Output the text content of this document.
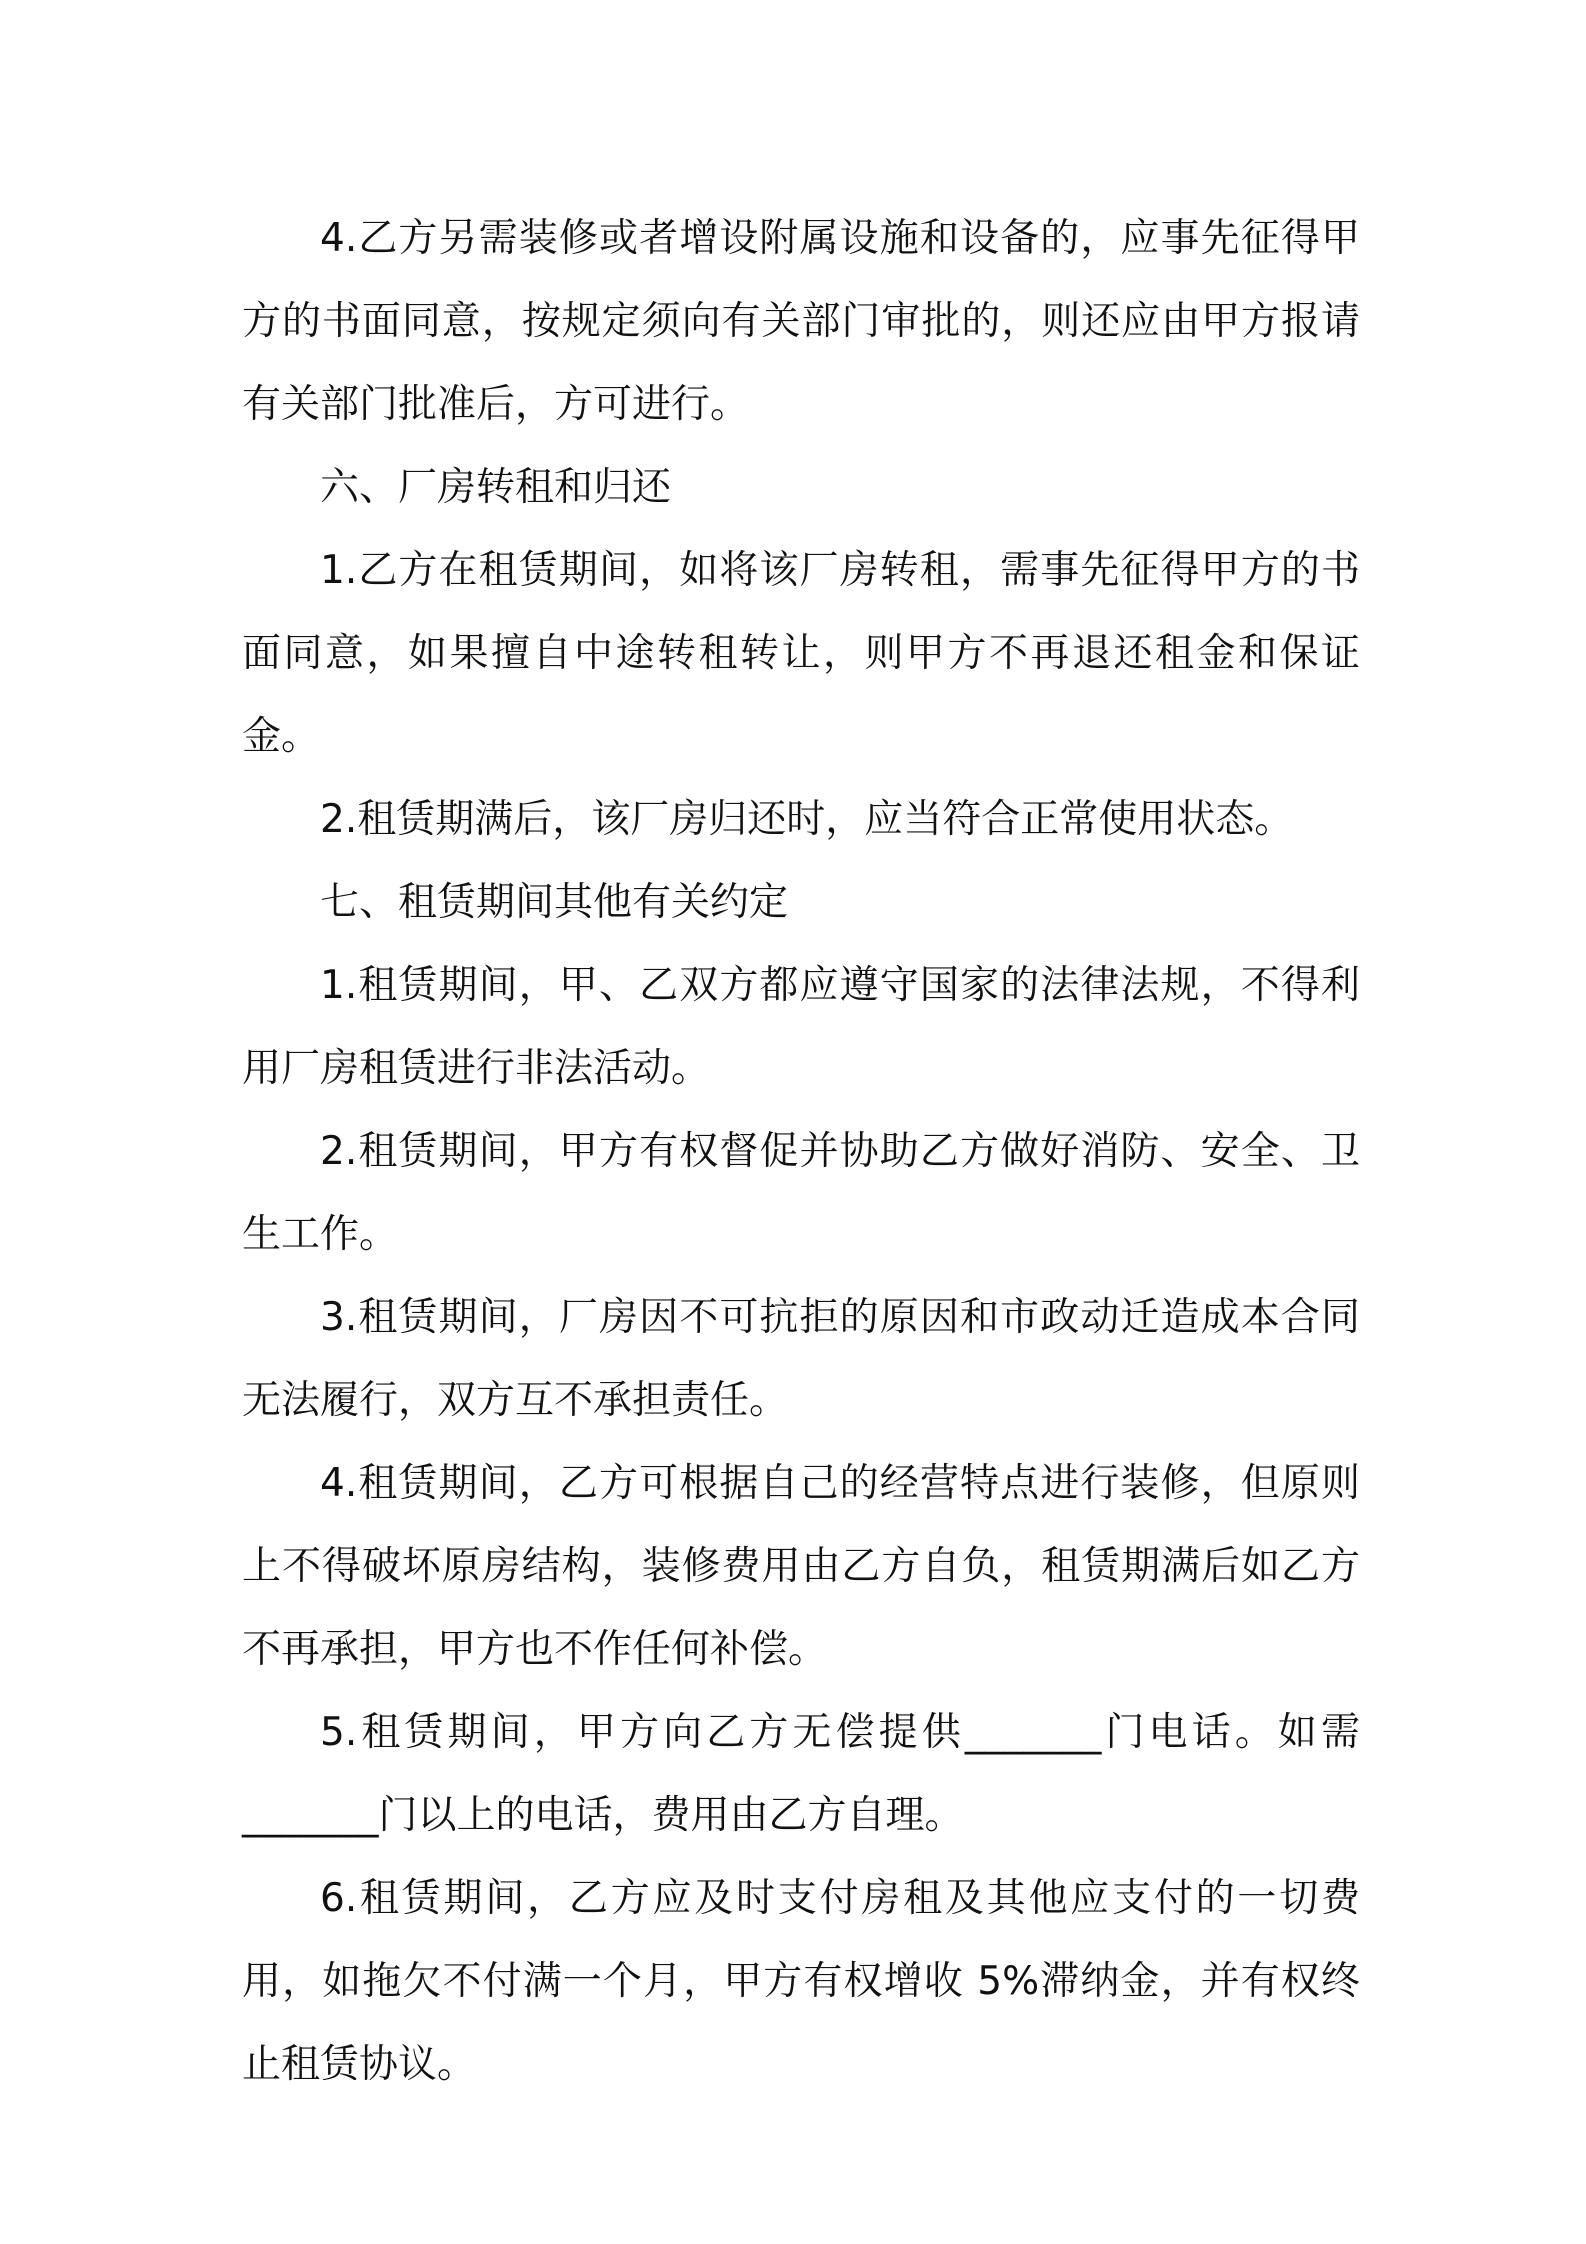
4.乙方另需装修或者增设附属设施和设备的，应事先征得甲方的书面同意，按规定须向有关部门审批的，则还应由甲方报请有关部门批准后，方可进行。

六、厂房转租和归还

1.乙方在租赁期间，如将该厂房转租，需事先征得甲方的书面同意，如果擅自中途转租转让，则甲方不再退还租金和保证金。

2.租赁期满后，该厂房归还时，应当符合正常使用状态。

七、租赁期间其他有关约定

1.租赁期间，甲、乙双方都应遵守国家的法律法规，不得利用厂房租赁进行非法活动。

2.租赁期间，甲方有权督促并协助乙方做好消防、安全、卫生工作。

3.租赁期间，厂房因不可抗拒的原因和市政动迁造成本合同无法履行，双方互不承担责任。

4.租赁期间，乙方可根据自己的经营特点进行装修，但原则上不得破坏原房结构，装修费用由乙方自负，租赁期满后如乙方不再承担，甲方也不作任何补偿。

5.租赁期间，甲方向乙方无偿提供_______门电话。如需_______门以上的电话，费用由乙方自理。

6.租赁期间，乙方应及时支付房租及其他应支付的一切费用，如拖欠不付满一个月，甲方有权增收 5%滞纳金，并有权终止租赁协议。
